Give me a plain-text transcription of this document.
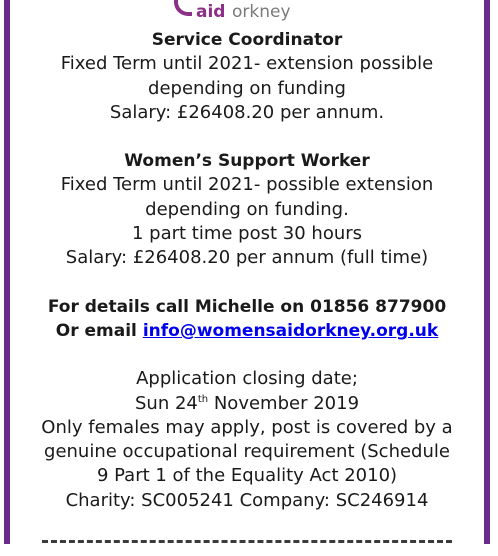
aid orkney
Service Coordinator
Fixed Term until 2021- extension possible
depending on funding
Salary: £26408.20 per annum.
Women’s Support Worker
Fixed Term until 2021- possible extension
depending on funding.
1 part time post 30 hours
Salary: £26408.20 per annum (full time)
For details call Michelle on 01856 877900
Or email info@womensaidorkney.org.uk
Application closing date;
Sun 24th November 2019
Only females may apply, post is covered by a
genuine occupational requirement (Schedule
9 Part 1 of the Equality Act 2010)
Charity: SC005241 Company: SC246914
